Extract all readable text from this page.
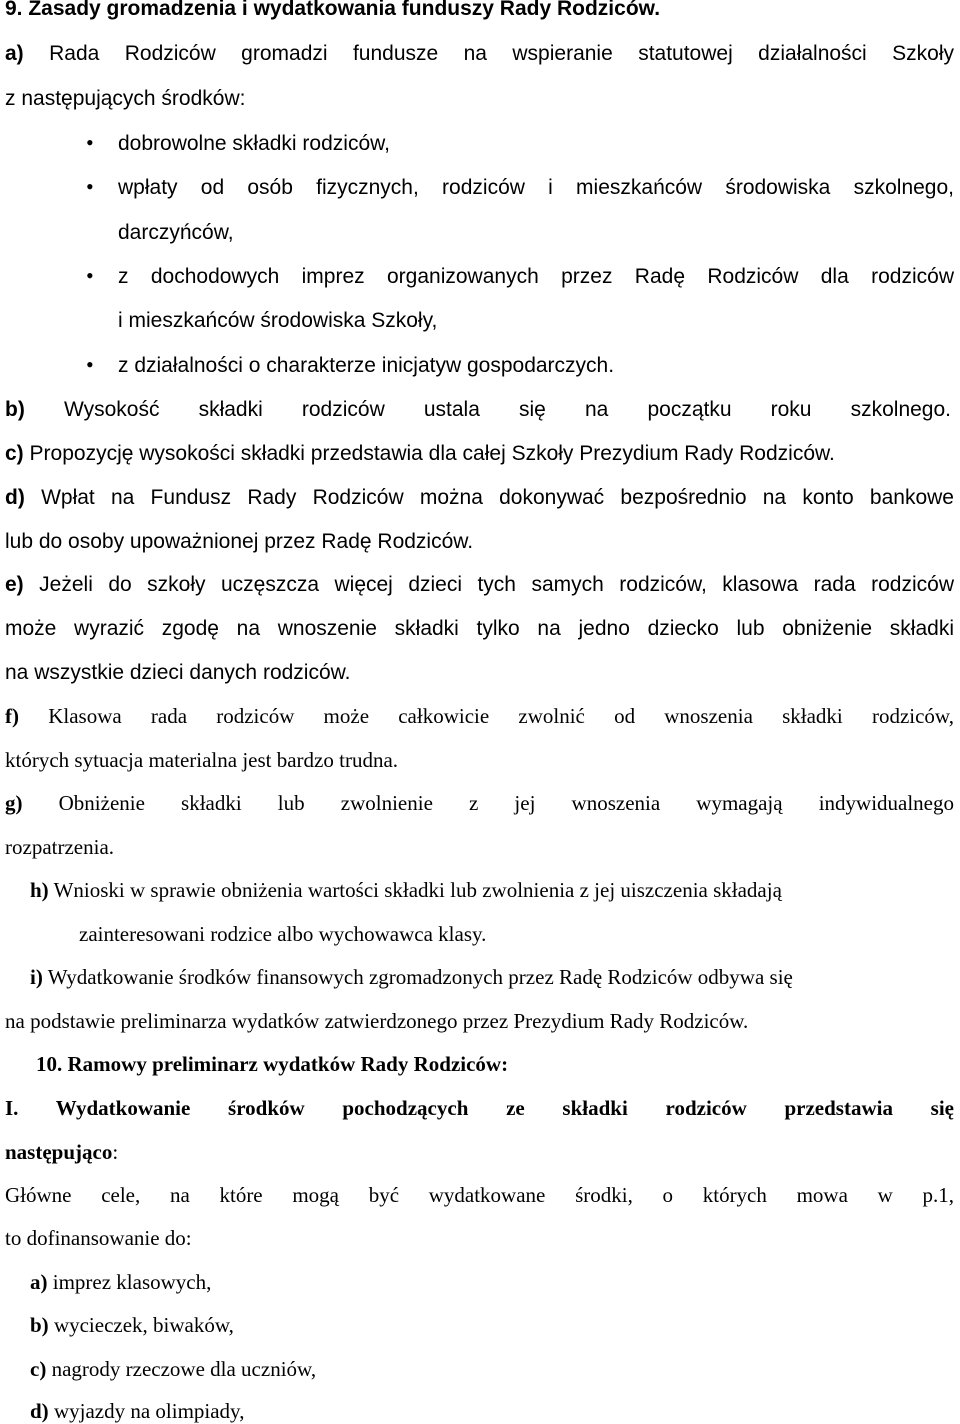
9. Zasady gromadzenia i wydatkowania funduszy Rady Rodziców.
a) Rada Rodziców gromadzi fundusze na wspieranie statutowej działalności Szkoły
z następujących środków:
• dobrowolne składki rodziców,
• wpłaty od osób fizycznych, rodziców i mieszkańców środowiska szkolnego,
darczyńców,
• z dochodowych imprez organizowanych przez Radę Rodziców dla rodziców
i mieszkańców środowiska Szkoły,
• z działalności o charakterze inicjatyw gospodarczych.
b) Wysokość składki rodziców ustala się na początku roku szkolnego.
c) Propozycję wysokości składki przedstawia dla całej Szkoły Prezydium Rady Rodziców.
d) Wpłat na Fundusz Rady Rodziców można dokonywać bezpośrednio na konto bankowe
lub do osoby upoważnionej przez Radę Rodziców.
e) Jeżeli do szkoły uczęszcza więcej dzieci tych samych rodziców, klasowa rada rodziców
może wyrazić zgodę na wnoszenie składki tylko na jedno dziecko lub obniżenie składki
na wszystkie dzieci danych rodziców.
f) Klasowa rada rodziców może całkowicie zwolnić od wnoszenia składki rodziców,
których sytuacja materialna jest bardzo trudna.
g) Obniżenie składki lub zwolnienie z jej wnoszenia wymagają indywidualnego
rozpatrzenia.
h) Wnioski w sprawie obniżenia wartości składki lub zwolnienia z jej uiszczenia składają
zainteresowani rodzice albo wychowawca klasy.
i) Wydatkowanie środków finansowych zgromadzonych przez Radę Rodziców odbywa się
na podstawie preliminarza wydatków zatwierdzonego przez Prezydium Rady Rodziców.
10. Ramowy preliminarz wydatków Rady Rodziców:
I. Wydatkowanie środków pochodzących ze składki rodziców przedstawia się
następująco:
Główne cele, na które mogą być wydatkowane środki, o których mowa w p.1,
to dofinansowanie do:
a) imprez klasowych,
b) wycieczek, biwaków,
c) nagrody rzeczowe dla uczniów,
d) wyjazdy na olimpiady,
